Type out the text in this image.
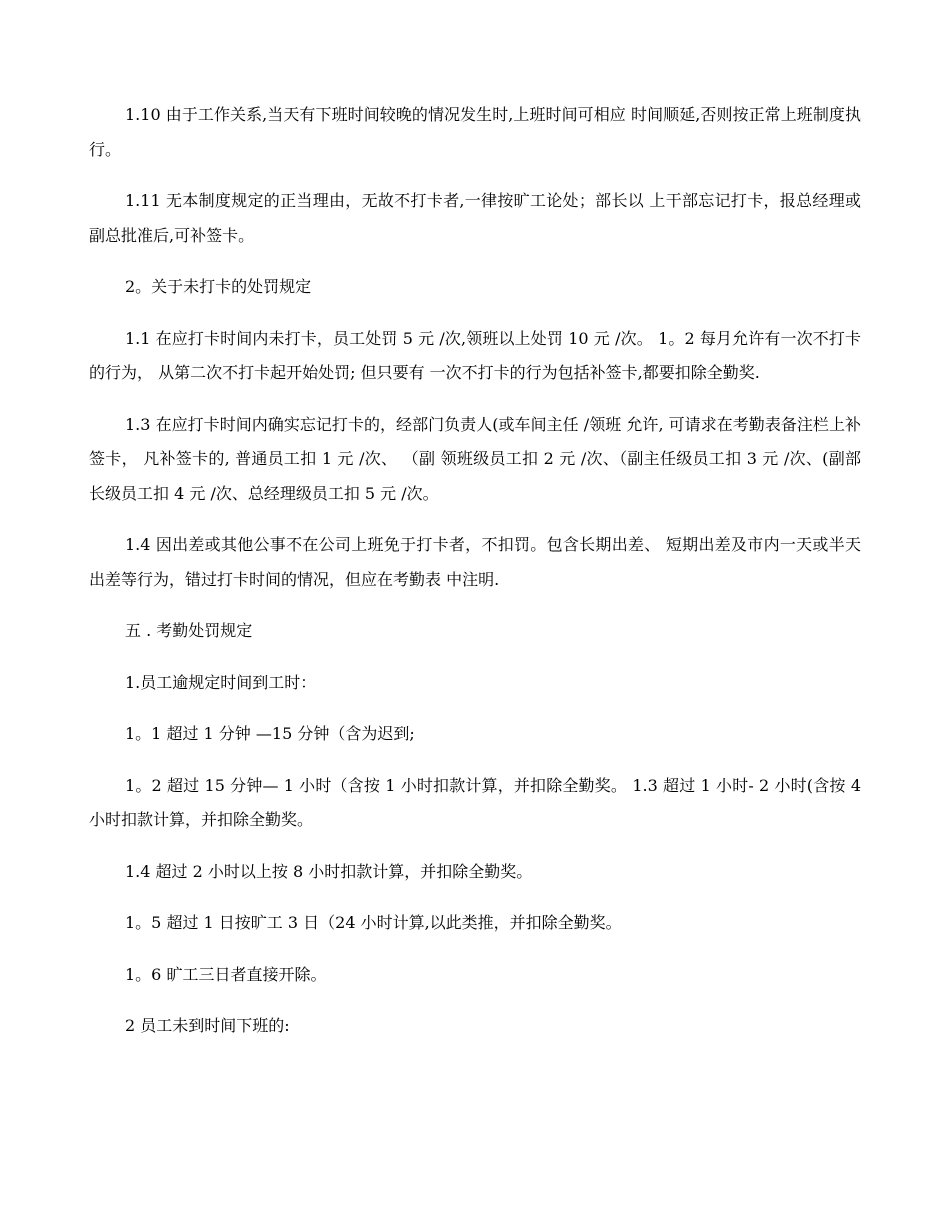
1.10 由于工作关系,当天有下班时间较晚的情况发生时,上班时间可相应 时间顺延,否则按正常上班制度执行。

1.11 无本制度规定的正当理由，无故不打卡者,一律按旷工论处；部长以 上干部忘记打卡，报总经理或副总批准后,可补签卡。

2。关于未打卡的处罚规定

1.1 在应打卡时间内未打卡，员工处罚 5 元 /次,领班以上处罚 10 元 /次。 1。2 每月允许有一次不打卡的行为， 从第二次不打卡起开始处罚; 但只要有 一次不打卡的行为包括补签卡,都要扣除全勤奖.

1.3 在应打卡时间内确实忘记打卡的，经部门负责人(或车间主任 /领班 允许, 可请求在考勤表备注栏上补签卡， 凡补签卡的, 普通员工扣 1 元 /次、 （副 领班级员工扣 2 元 /次、（副主任级员工扣 3 元 /次、(副部长级员工扣 4 元 /次、总经理级员工扣 5 元 /次。

1.4 因出差或其他公事不在公司上班免于打卡者，不扣罚。包含长期出差、 短期出差及市内一天或半天出差等行为，错过打卡时间的情况，但应在考勤表 中注明.

五 . 考勤处罚规定

1.员工逾规定时间到工时：

1。1 超过 1 分钟 —15 分钟（含为迟到;

1。2 超过 15 分钟— 1 小时（含按 1 小时扣款计算，并扣除全勤奖。 1.3 超过 1 小时- 2 小时(含按 4 小时扣款计算，并扣除全勤奖。

1.4 超过 2 小时以上按 8 小时扣款计算，并扣除全勤奖。

1。5 超过 1 日按旷工 3 日（24 小时计算,以此类推，并扣除全勤奖。

1。6 旷工三日者直接开除。

2 员工未到时间下班的:
